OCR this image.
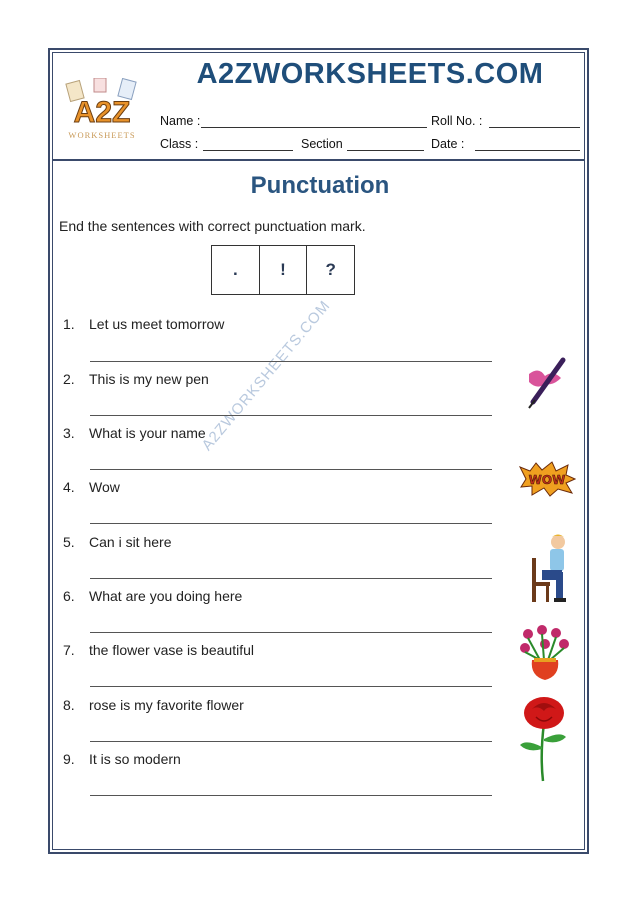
A2Z
WORKSHEETS
A2ZWORKSHEETS.COM
Name :	Roll No. :
Class :	Section	Date :
Punctuation
End the sentences with correct punctuation mark.
.	!	?
A2ZWORKSHEETS.COM
1. Let us meet tomorrow
2. This is my new pen
3. What is your name
4. Wow
5. Can i sit here
6. What are you doing here
7. the flower vase is beautiful
8. rose is my favorite flower
9. It is so modern
WOW
